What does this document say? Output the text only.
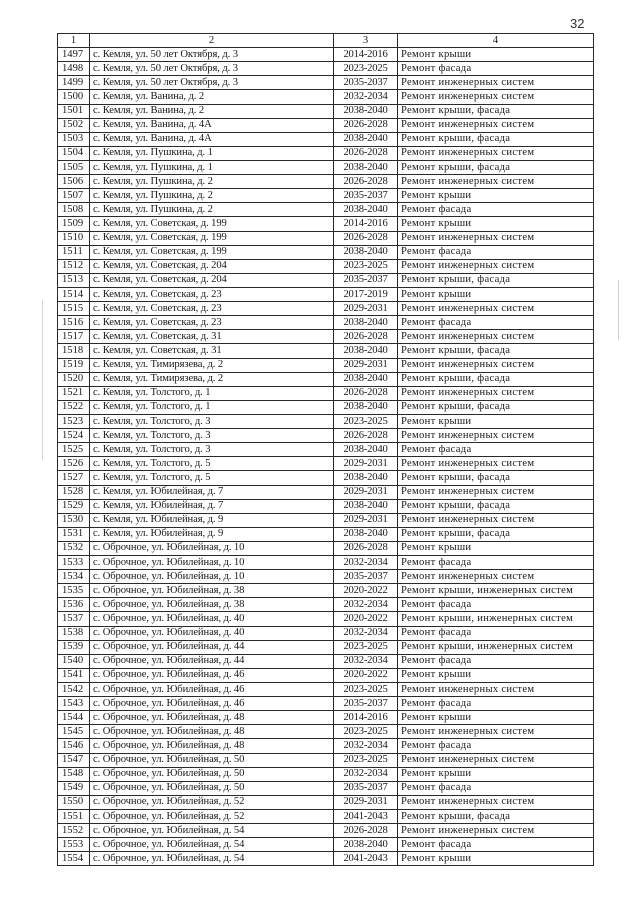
32
1	2	3	4
1497	с. Кемля, ул. 50 лет Октября, д. 3	2014-2016	Ремонт крыши
1498	с. Кемля, ул. 50 лет Октября, д. 3	2023-2025	Ремонт фасада
1499	с. Кемля, ул. 50 лет Октября, д. 3	2035-2037	Ремонт инженерных систем
1500	с. Кемля, ул. Ванина, д. 2	2032-2034	Ремонт инженерных систем
1501	с. Кемля, ул. Ванина, д. 2	2038-2040	Ремонт крыши, фасада
1502	с. Кемля, ул. Ванина, д. 4А	2026-2028	Ремонт инженерных систем
1503	с. Кемля, ул. Ванина, д. 4А	2038-2040	Ремонт крыши, фасада
1504	с. Кемля, ул. Пушкина, д. 1	2026-2028	Ремонт инженерных систем
1505	с. Кемля, ул. Пушкина, д. 1	2038-2040	Ремонт крыши, фасада
1506	с. Кемля, ул. Пушкина, д. 2	2026-2028	Ремонт инженерных систем
1507	с. Кемля, ул. Пушкина, д. 2	2035-2037	Ремонт крыши
1508	с. Кемля, ул. Пушкина, д. 2	2038-2040	Ремонт фасада
1509	с. Кемля, ул. Советская, д. 199	2014-2016	Ремонт крыши
1510	с. Кемля, ул. Советская, д. 199	2026-2028	Ремонт инженерных систем
1511	с. Кемля, ул. Советская, д. 199	2038-2040	Ремонт фасада
1512	с. Кемля, ул. Советская, д. 204	2023-2025	Ремонт инженерных систем
1513	с. Кемля, ул. Советская, д. 204	2035-2037	Ремонт крыши, фасада
1514	с. Кемля, ул. Советская, д. 23	2017-2019	Ремонт крыши
1515	с. Кемля, ул. Советская, д. 23	2029-2031	Ремонт инженерных систем
1516	с. Кемля, ул. Советская, д. 23	2038-2040	Ремонт фасада
1517	с. Кемля, ул. Советская, д. 31	2026-2028	Ремонт инженерных систем
1518	с. Кемля, ул. Советская, д. 31	2038-2040	Ремонт крыши, фасада
1519	с. Кемля, ул. Тимирязева, д. 2	2029-2031	Ремонт инженерных систем
1520	с. Кемля, ул. Тимирязева, д. 2	2038-2040	Ремонт крыши, фасада
1521	с. Кемля, ул. Толстого, д. 1	2026-2028	Ремонт инженерных систем
1522	с. Кемля, ул. Толстого, д. 1	2038-2040	Ремонт крыши, фасада
1523	с. Кемля, ул. Толстого, д. 3	2023-2025	Ремонт крыши
1524	с. Кемля, ул. Толстого, д. 3	2026-2028	Ремонт инженерных систем
1525	с. Кемля, ул. Толстого, д. 3	2038-2040	Ремонт фасада
1526	с. Кемля, ул. Толстого, д. 5	2029-2031	Ремонт инженерных систем
1527	с. Кемля, ул. Толстого, д. 5	2038-2040	Ремонт крыши, фасада
1528	с. Кемля, ул. Юбилейная, д. 7	2029-2031	Ремонт инженерных систем
1529	с. Кемля, ул. Юбилейная, д. 7	2038-2040	Ремонт крыши, фасада
1530	с. Кемля, ул. Юбилейная, д. 9	2029-2031	Ремонт инженерных систем
1531	с. Кемля, ул. Юбилейная, д. 9	2038-2040	Ремонт крыши, фасада
1532	с. Оброчное, ул. Юбилейная, д. 10	2026-2028	Ремонт крыши
1533	с. Оброчное, ул. Юбилейная, д. 10	2032-2034	Ремонт фасада
1534	с. Оброчное, ул. Юбилейная, д. 10	2035-2037	Ремонт инженерных систем
1535	с. Оброчное, ул. Юбилейная, д. 38	2020-2022	Ремонт крыши, инженерных систем
1536	с. Оброчное, ул. Юбилейная, д. 38	2032-2034	Ремонт фасада
1537	с. Оброчное, ул. Юбилейная, д. 40	2020-2022	Ремонт крыши, инженерных систем
1538	с. Оброчное, ул. Юбилейная, д. 40	2032-2034	Ремонт фасада
1539	с. Оброчное, ул. Юбилейная, д. 44	2023-2025	Ремонт крыши, инженерных систем
1540	с. Оброчное, ул. Юбилейная, д. 44	2032-2034	Ремонт фасада
1541	с. Оброчное, ул. Юбилейная, д. 46	2020-2022	Ремонт крыши
1542	с. Оброчное, ул. Юбилейная, д. 46	2023-2025	Ремонт инженерных систем
1543	с. Оброчное, ул. Юбилейная, д. 46	2035-2037	Ремонт фасада
1544	с. Оброчное, ул. Юбилейная, д. 48	2014-2016	Ремонт крыши
1545	с. Оброчное, ул. Юбилейная, д. 48	2023-2025	Ремонт инженерных систем
1546	с. Оброчное, ул. Юбилейная, д. 48	2032-2034	Ремонт фасада
1547	с. Оброчное, ул. Юбилейная, д. 50	2023-2025	Ремонт инженерных систем
1548	с. Оброчное, ул. Юбилейная, д. 50	2032-2034	Ремонт крыши
1549	с. Оброчное, ул. Юбилейная, д. 50	2035-2037	Ремонт фасада
1550	с. Оброчное, ул. Юбилейная, д. 52	2029-2031	Ремонт инженерных систем
1551	с. Оброчное, ул. Юбилейная, д. 52	2041-2043	Ремонт крыши, фасада
1552	с. Оброчное, ул. Юбилейная, д. 54	2026-2028	Ремонт инженерных систем
1553	с. Оброчное, ул. Юбилейная, д. 54	2038-2040	Ремонт фасада
1554	с. Оброчное, ул. Юбилейная, д. 54	2041-2043	Ремонт крыши
